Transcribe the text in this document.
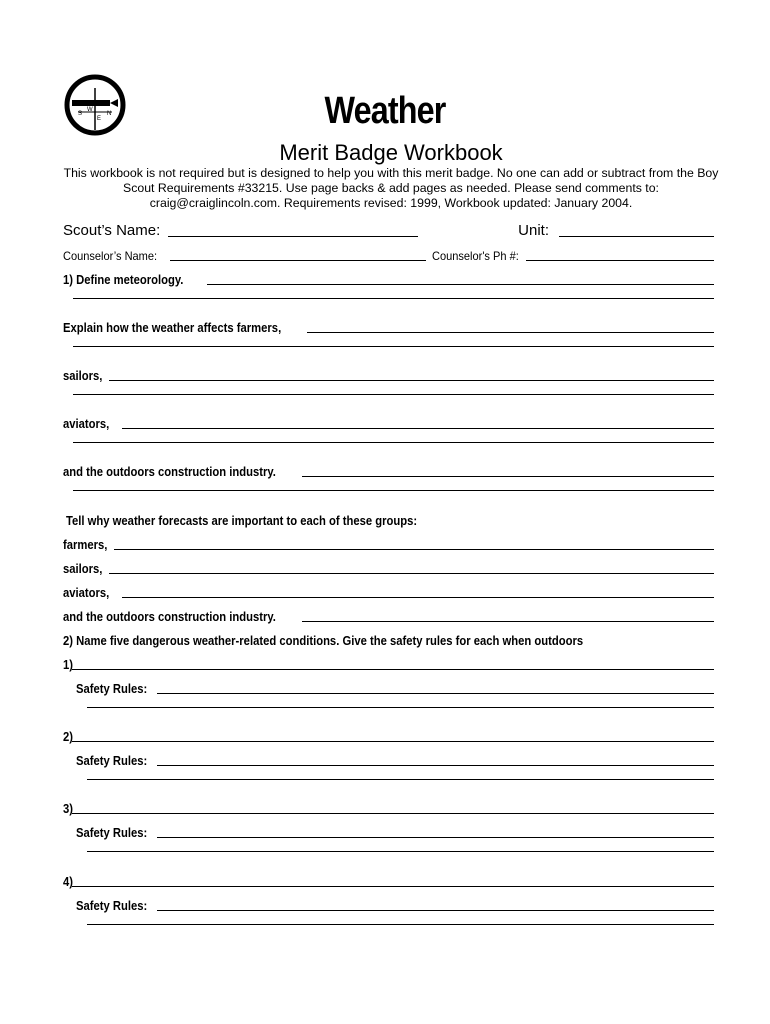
S
W
N
E	Weather
Merit Badge Workbook
This workbook is not required but is designed to help you with this merit badge. No one can add or subtract from the Boy Scout Requirements #33215. Use page backs & add pages as needed. Please send comments to: craig@craiglincoln.com. Requirements revised: 1999, Workbook updated: January 2004.
Scout’s Name:	Unit:
Counselor’s Name:	Counselor's Ph #:
1) Define meteorology.
Explain how the weather affects farmers,
sailors,
aviators,
and the outdoors construction industry.
Tell why weather forecasts are important to each of these groups:
farmers,
sailors,
aviators,
and the outdoors construction industry.
2) Name five dangerous weather-related conditions. Give the safety rules for each when outdoors
1)
Safety Rules:
2)
Safety Rules:
3)
Safety Rules:
4)
Safety Rules:
